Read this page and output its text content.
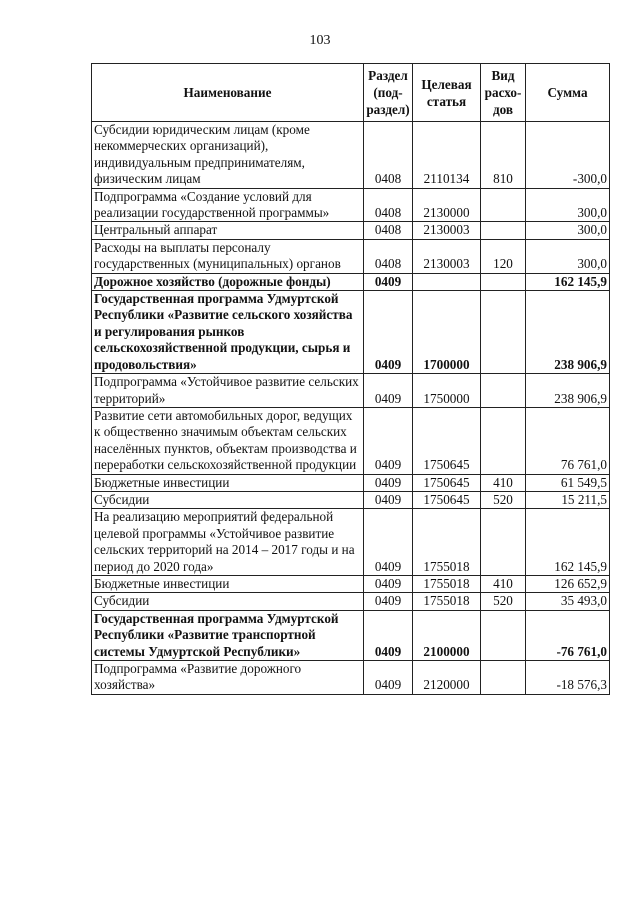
103
Наименование	Раздел (под-раздел)	Целевая статья	Вид расхо-дов	Сумма
Субсидии юридическим лицам (кроме некоммерческих организаций), индивидуальным предпринимателям, физическим лицам	0408	2110134	810	-300,0
Подпрограмма «Создание условий для реализации государственной программы»	0408	2130000		300,0
Центральный аппарат	0408	2130003		300,0
Расходы на выплаты персоналу государственных (муниципальных) органов	0408	2130003	120	300,0
Дорожное хозяйство (дорожные фонды)	0409			162 145,9
Государственная программа Удмуртской Республики «Развитие сельского хозяйства и регулирования рынков сельскохозяйственной продукции, сырья и продовольствия»	0409	1700000		238 906,9
Подпрограмма «Устойчивое развитие сельских территорий»	0409	1750000		238 906,9
Развитие сети автомобильных дорог, ведущих к общественно значимым объектам сельских населённых пунктов, объектам производства и переработки сельскохозяйственной продукции	0409	1750645		76 761,0
Бюджетные инвестиции	0409	1750645	410	61 549,5
Субсидии	0409	1750645	520	15 211,5
На реализацию мероприятий федеральной целевой программы «Устойчивое развитие сельских территорий на 2014 – 2017 годы и на период до 2020 года»	0409	1755018		162 145,9
Бюджетные инвестиции	0409	1755018	410	126 652,9
Субсидии	0409	1755018	520	35 493,0
Государственная программа Удмуртской Республики «Развитие транспортной системы Удмуртской Республики»	0409	2100000		-76 761,0
Подпрограмма «Развитие дорожного хозяйства»	0409	2120000		-18 576,3
